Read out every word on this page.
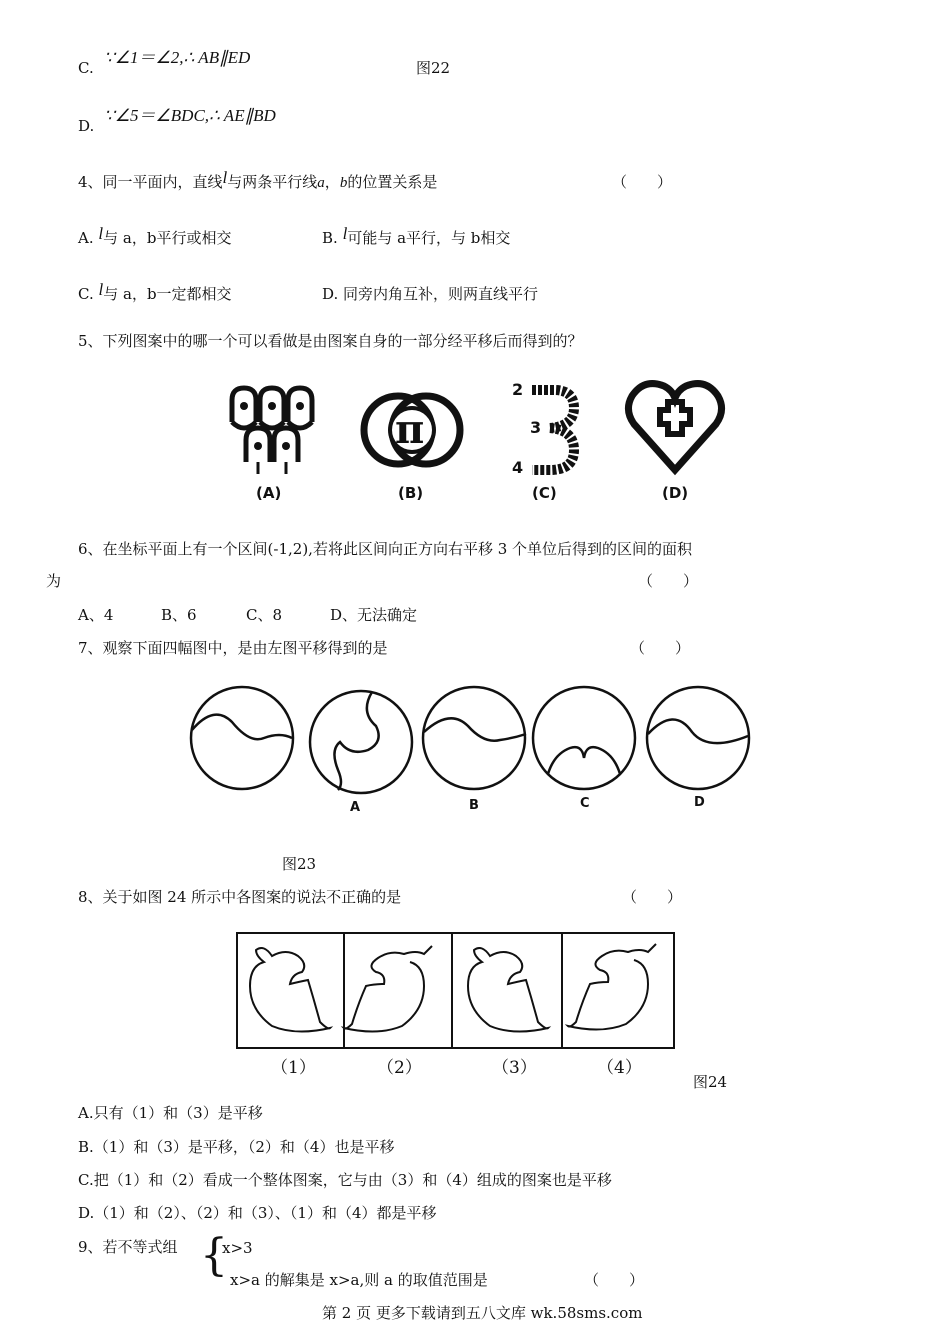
C.
∵∠1＝∠2,∴ AB∥ED
图22
D.
∵∠5＝∠BDC,∴ AE∥BD
4、同一平面内，直线l与两条平行线a，b的位置关系是	（　　）
A. l与 a，b平行或相交	B. l可能与 a平行，与 b相交
C. l与 a，b一定都相交	D. 同旁内角互补，则两直线平行
5、下列图案中的哪一个可以看做是由图案自身的一部分经平移后而得到的？
(A)
π
(B)
2
3
4
(C)	(D)
6、在坐标平面上有一个区间(-1,2),若将此区间向正方向右平移 3 个单位后得到的区间的面积
为	（　　）
A、4	B、6	C、8	D、无法确定
7、观察下面四幅图中，是由左图平移得到的是	（　　）
A	B	C	D
图23
8、关于如图 24 所示中各图案的说法不正确的是	（　　）
（1）	（2）	（3）	（4）
图24
A.只有（1）和（3）是平移
B.（1）和（3）是平移，（2）和（4）也是平移
C.把（1）和（2）看成一个整体图案，它与由（3）和（4）组成的图案也是平移
D.（1）和（2）、（2）和（3）、（1）和（4）都是平移
9、若不等式组 {
x>3
x>a 的解集是 x>a,则 a 的取值范围是	（　　）
第 2 页 更多下载请到五八文库 wk.58sms.com
